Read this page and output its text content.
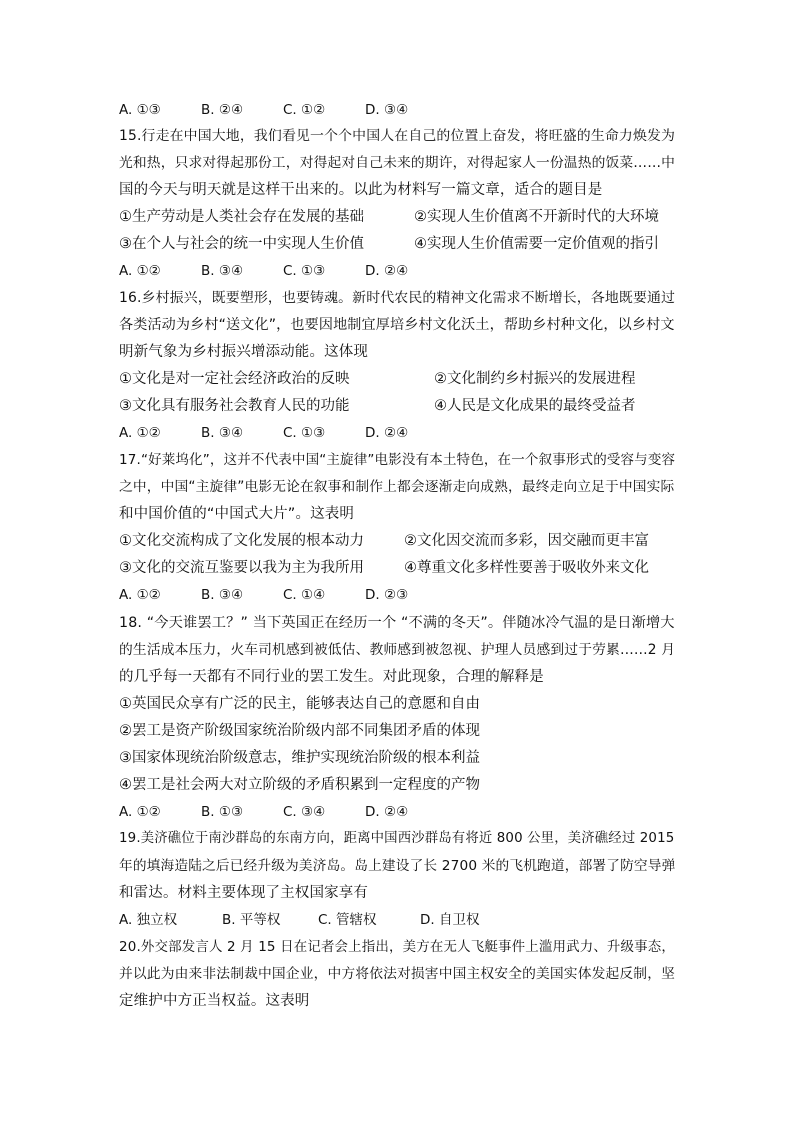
A. ①③	B. ②④	C. ①②	D. ③④
15.行走在中国大地，我们看见一个个中国人在自己的位置上奋发，将旺盛的生命力焕发为
光和热，只求对得起那份工，对得起对自己未来的期许，对得起家人一份温热的饭菜……中
国的今天与明天就是这样干出来的。以此为材料写一篇文章，适合的题目是
①生产劳动是人类社会存在发展的基础	②实现人生价值离不开新时代的大环境
③在个人与社会的统一中实现人生价值	④实现人生价值需要一定价值观的指引
A. ①②	B. ③④	C. ①③	D. ②④
16.乡村振兴，既要塑形，也要铸魂。新时代农民的精神文化需求不断增长，各地既要通过
各类活动为乡村“送文化”，也要因地制宜厚培乡村文化沃土，帮助乡村种文化，以乡村文
明新气象为乡村振兴增添动能。这体现
①文化是对一定社会经济政治的反映	②文化制约乡村振兴的发展进程
③文化具有服务社会教育人民的功能	④人民是文化成果的最终受益者
A. ①②	B. ③④	C. ①③	D. ②④
17.“好莱坞化”，这并不代表中国“主旋律”电影没有本土特色，在一个叙事形式的受容与变容
之中，中国“主旋律”电影无论在叙事和制作上都会逐渐走向成熟，最终走向立足于中国实际
和中国价值的“中国式大片”。这表明
①文化交流构成了文化发展的根本动力	②文化因交流而多彩，因交融而更丰富
③文化的交流互鉴要以我为主为我所用	④尊重文化多样性要善于吸收外来文化
A. ①②	B. ③④	C. ①④	D. ②③
18. “今天谁罢工？” 当下英国正在经历一个 “不满的冬天”。伴随冰冷气温的是日渐增大
的生活成本压力，火车司机感到被低估、教师感到被忽视、护理人员感到过于劳累……2 月
的几乎每一天都有不同行业的罢工发生。对此现象，合理的解释是
①英国民众享有广泛的民主，能够表达自己的意愿和自由
②罢工是资产阶级国家统治阶级内部不同集团矛盾的体现
③国家体现统治阶级意志，维护实现统治阶级的根本利益
④罢工是社会两大对立阶级的矛盾积累到一定程度的产物
A. ①②	B. ①③	C. ③④	D. ②④
19.美济礁位于南沙群岛的东南方向，距离中国西沙群岛有将近 800 公里，美济礁经过 2015
年的填海造陆之后已经升级为美济岛。岛上建设了长 2700 米的飞机跑道，部署了防空导弹
和雷达。材料主要体现了主权国家享有
A. 独立权	B. 平等权	C. 管辖权	D. 自卫权
20.外交部发言人 2 月 15 日在记者会上指出，美方在无人飞艇事件上滥用武力、升级事态，
并以此为由来非法制裁中国企业，中方将依法对损害中国主权安全的美国实体发起反制，坚
定维护中方正当权益。这表明
